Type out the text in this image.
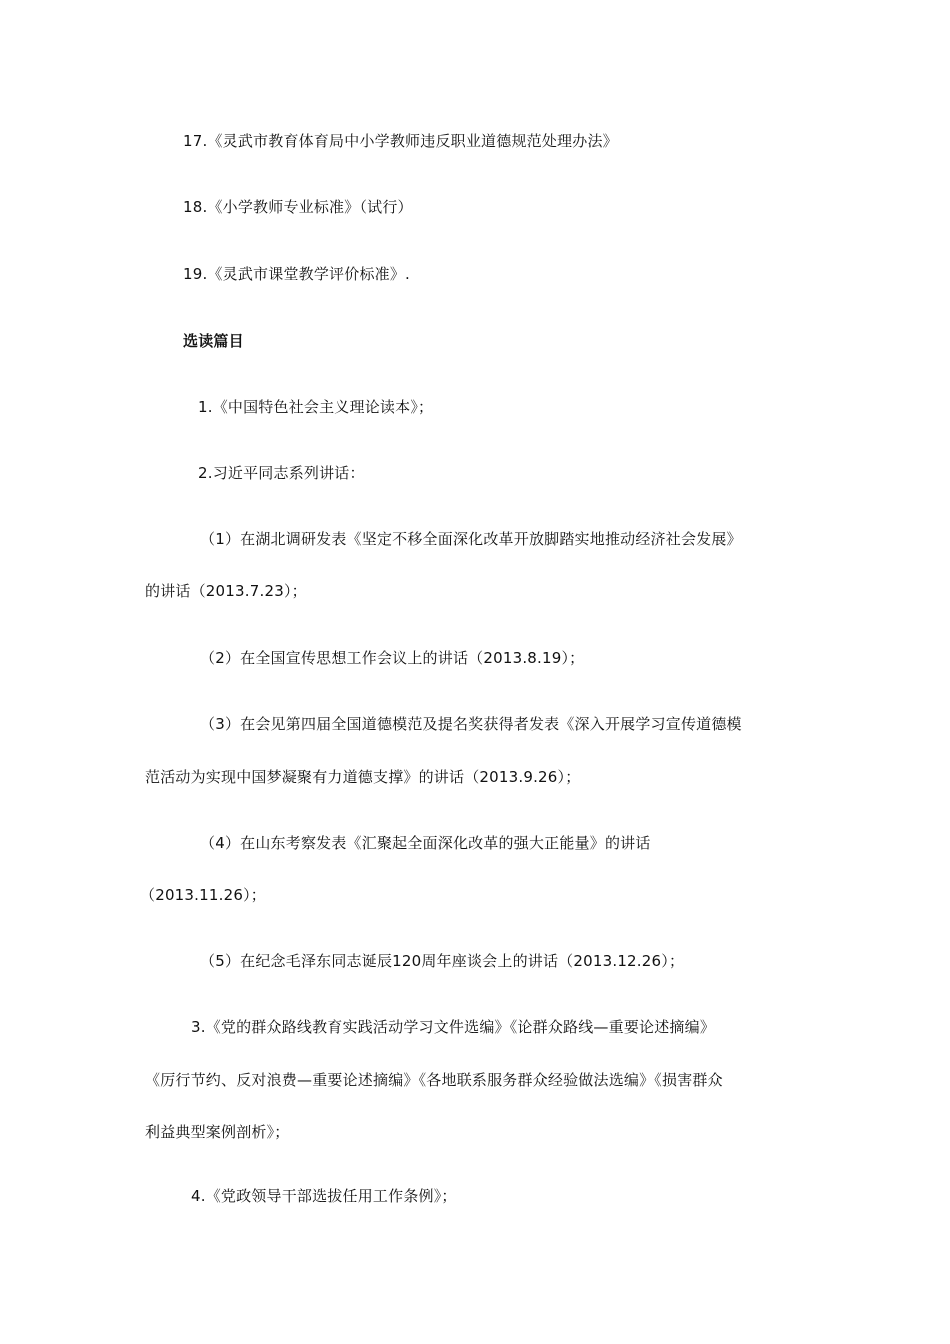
17.《灵武市教育体育局中小学教师违反职业道德规范处理办法》
18.《小学教师专业标准》（试行）
19.《灵武市课堂教学评价标准》.
选读篇目
1.《中国特色社会主义理论读本》；
2.习近平同志系列讲话：
（1）在湖北调研发表《坚定不移全面深化改革开放脚踏实地推动经济社会发展》
的讲话（2013.7.23）；
（2）在全国宣传思想工作会议上的讲话（2013.8.19）；
（3）在会见第四届全国道德模范及提名奖获得者发表《深入开展学习宣传道德模
范活动为实现中国梦凝聚有力道德支撑》的讲话（2013.9.26）；
（4）在山东考察发表《汇聚起全面深化改革的强大正能量》的讲话
（2013.11.26）；
（5）在纪念毛泽东同志诞辰120周年座谈会上的讲话（2013.12.26）；
3.《党的群众路线教育实践活动学习文件选编》《论群众路线—重要论述摘编》
《厉行节约、反对浪费—重要论述摘编》《各地联系服务群众经验做法选编》《损害群众
利益典型案例剖析》；
4.《党政领导干部选拔任用工作条例》；
